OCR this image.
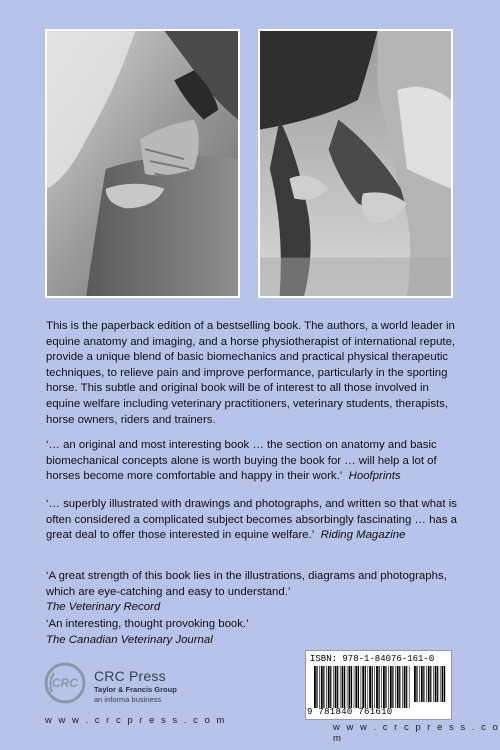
This is the paperback edition of a bestselling book. The authors, a world leader in equine anatomy and imaging, and a horse physiotherapist of international repute, provide a unique blend of basic biomechanics and practical physical therapeutic techniques, to relieve pain and improve performance, particularly in the sporting horse. This subtle and original book will be of interest to all those involved in equine welfare including veterinary practitioners, veterinary students, therapists, horse owners, riders and trainers.

‘… an original and most interesting book … the section on anatomy and basic biomechanical concepts alone is worth buying the book for … will help a lot of horses become more comfortable and happy in their work.’ Hoofprints

‘… superbly illustrated with drawings and photographs, and written so that what is often considered a complicated subject becomes absorbingly fascinating … has a great deal to offer those interested in equine welfare.’ Riding Magazine

‘A great strength of this book lies in the illustrations, diagrams and photographs, which are eye-catching and easy to understand.’

The Veterinary Record

‘An interesting, thought provoking book.’

The Canadian Veterinary Journal

CRC CRC Press
Taylor & Francis Group
an informa business
w w w . c r c p r e s s . c o m
ISBN: 978-1-84076-161-0
9 781840 761610
w w w . c r c p r e s s . c o m
